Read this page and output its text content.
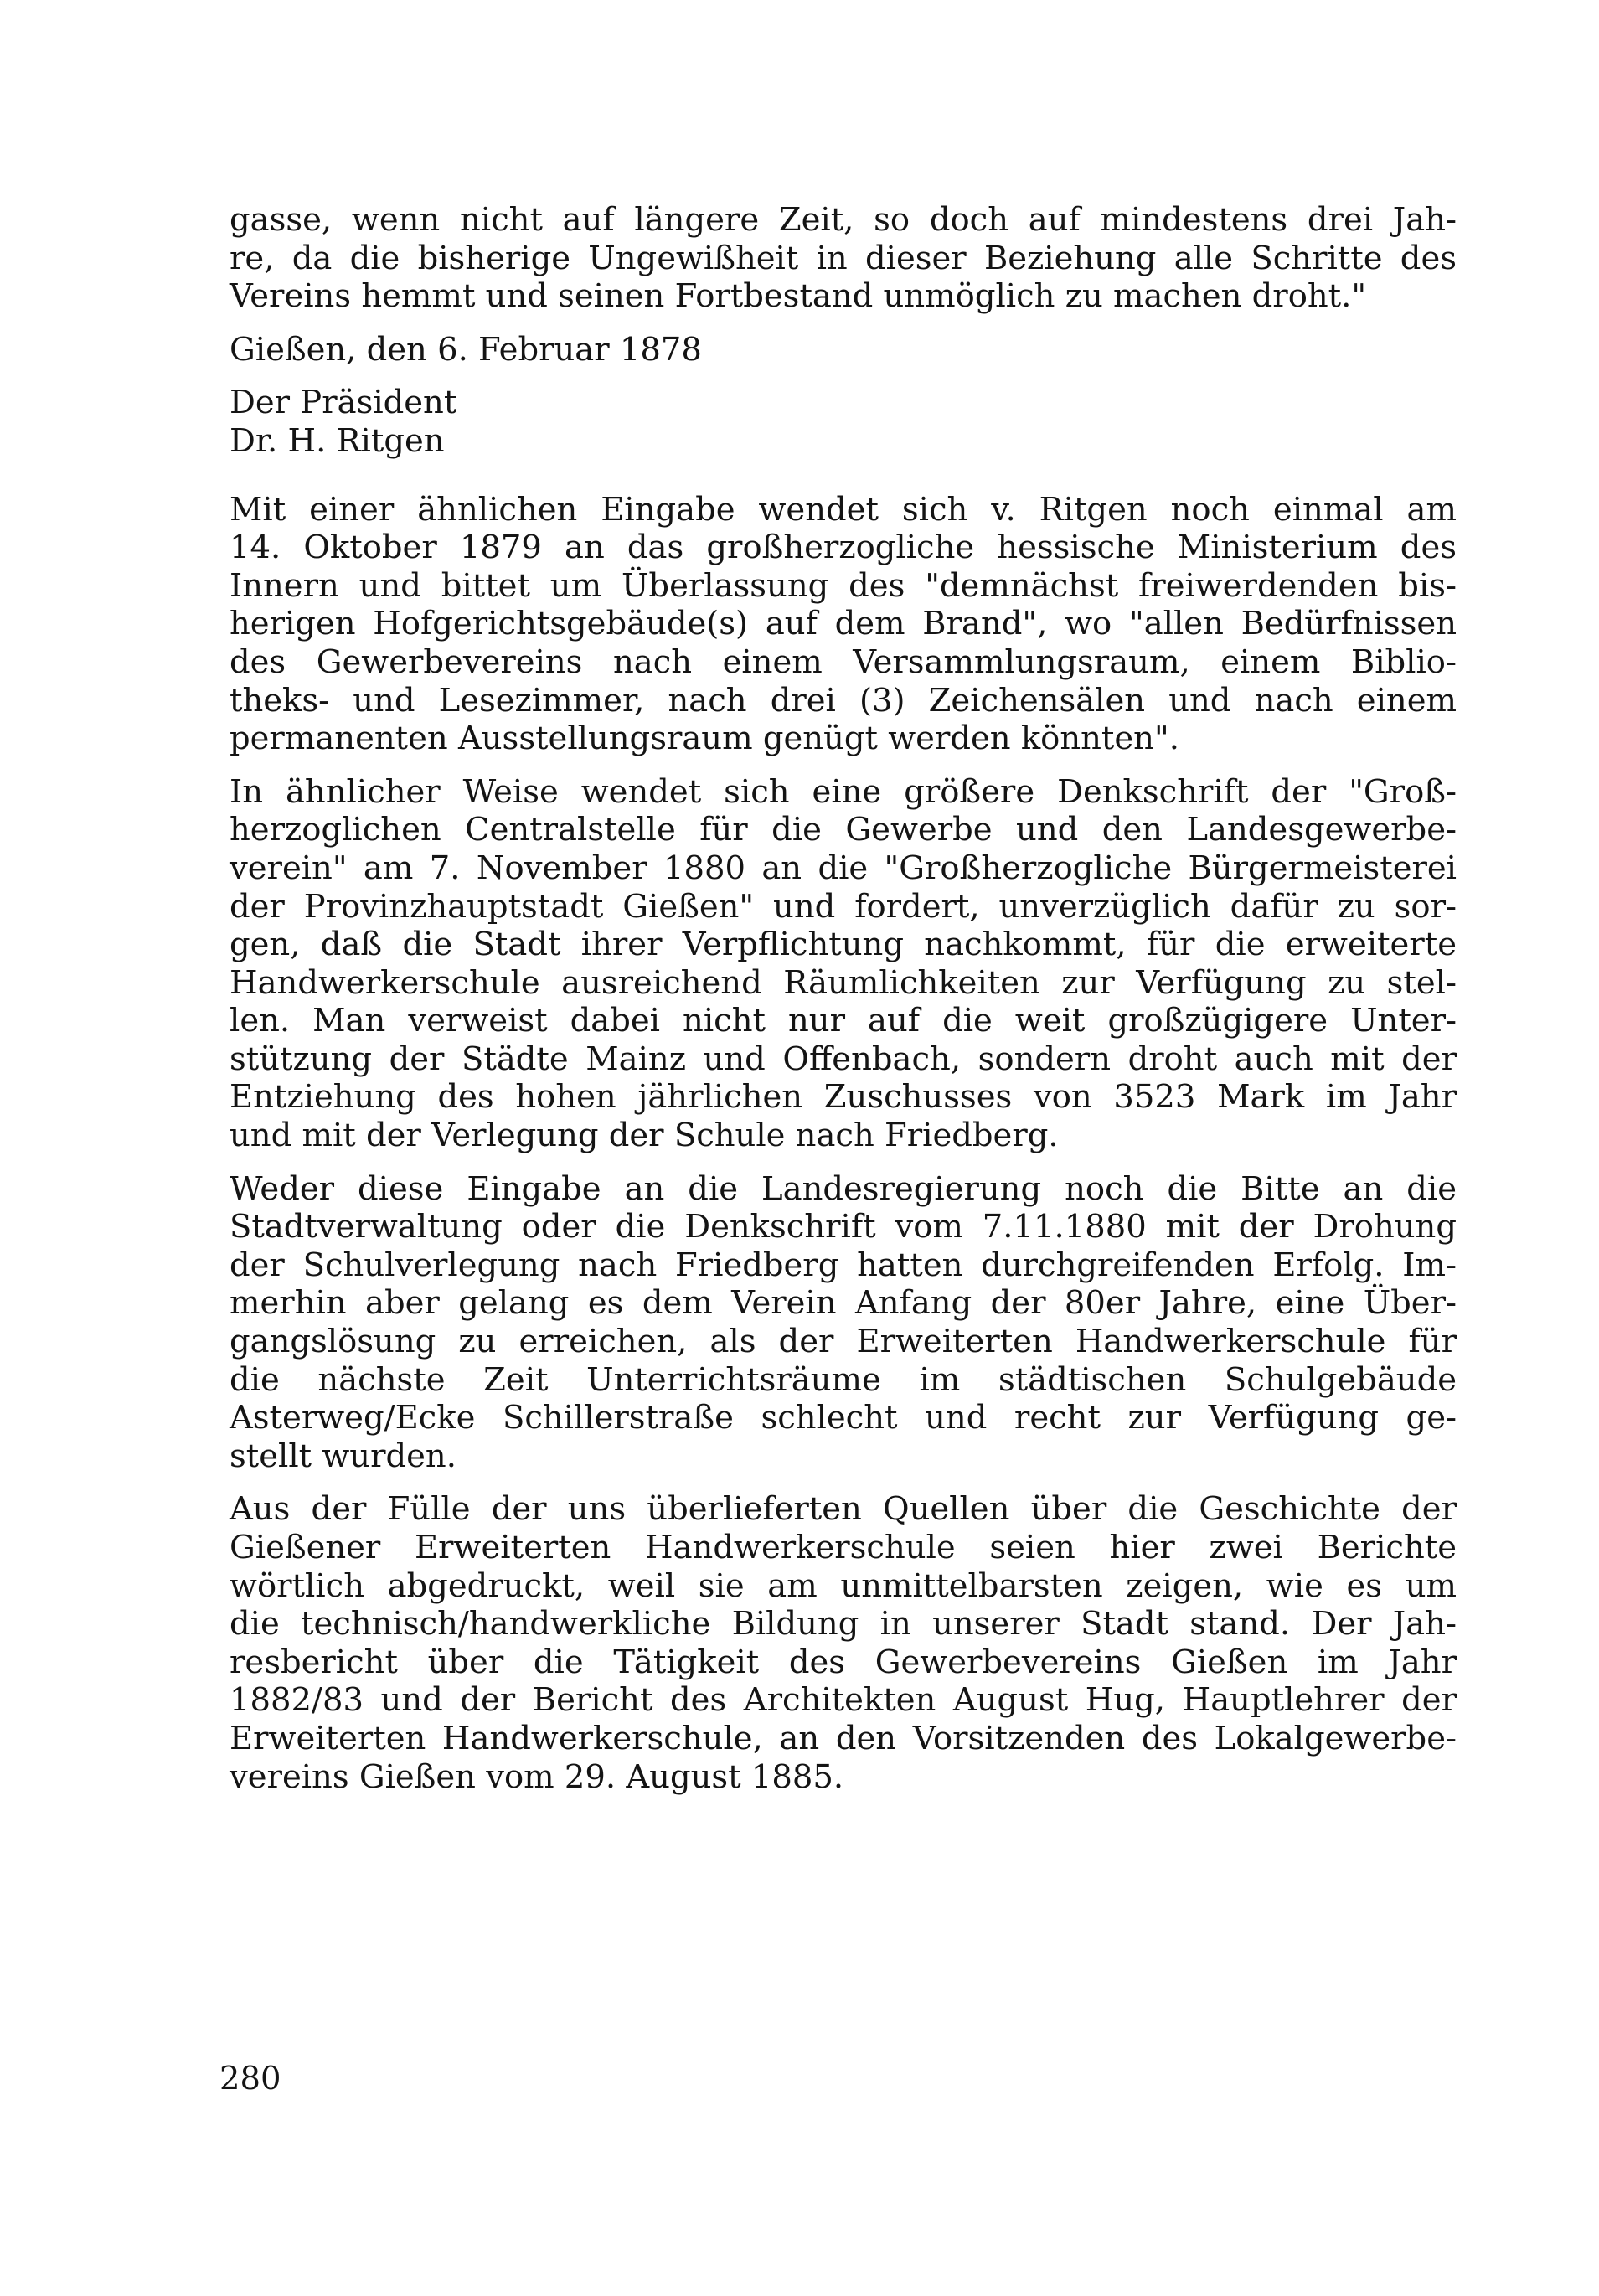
gasse, wenn nicht auf längere Zeit, so doch auf mindestens drei Jah-
re, da die bisherige Ungewißheit in dieser Beziehung alle Schritte des
Vereins hemmt und seinen Fortbestand unmöglich zu machen droht."
Gießen, den 6. Februar 1878
Der Präsident
Dr. H. Ritgen
Mit einer ähnlichen Eingabe wendet sich v. Ritgen noch einmal am
14. Oktober 1879 an das großherzogliche hessische Ministerium des
Innern und bittet um Überlassung des "demnächst freiwerdenden bis-
herigen Hofgerichtsgebäude(s) auf dem Brand", wo "allen Bedürfnissen
des Gewerbevereins nach einem Versammlungsraum, einem Biblio-
theks- und Lesezimmer, nach drei (3) Zeichensälen und nach einem
permanenten Ausstellungsraum genügt werden könnten".
In ähnlicher Weise wendet sich eine größere Denkschrift der "Groß-
herzoglichen Centralstelle für die Gewerbe und den Landesgewerbe-
verein" am 7. November 1880 an die "Großherzogliche Bürgermeisterei
der Provinzhauptstadt Gießen" und fordert, unverzüglich dafür zu sor-
gen, daß die Stadt ihrer Verpflichtung nachkommt, für die erweiterte
Handwerkerschule ausreichend Räumlichkeiten zur Verfügung zu stel-
len. Man verweist dabei nicht nur auf die weit großzügigere Unter-
stützung der Städte Mainz und Offenbach, sondern droht auch mit der
Entziehung des hohen jährlichen Zuschusses von 3523 Mark im Jahr
und mit der Verlegung der Schule nach Friedberg.
Weder diese Eingabe an die Landesregierung noch die Bitte an die
Stadtverwaltung oder die Denkschrift vom 7.11.1880 mit der Drohung
der Schulverlegung nach Friedberg hatten durchgreifenden Erfolg. Im-
merhin aber gelang es dem Verein Anfang der 80er Jahre, eine Über-
gangslösung zu erreichen, als der Erweiterten Handwerkerschule für
die nächste Zeit Unterrichtsräume im städtischen Schulgebäude
Asterweg/Ecke Schillerstraße schlecht und recht zur Verfügung ge-
stellt wurden.
Aus der Fülle der uns überlieferten Quellen über die Geschichte der
Gießener Erweiterten Handwerkerschule seien hier zwei Berichte
wörtlich abgedruckt, weil sie am unmittelbarsten zeigen, wie es um
die technisch/handwerkliche Bildung in unserer Stadt stand. Der Jah-
resbericht über die Tätigkeit des Gewerbevereins Gießen im Jahr
1882/83 und der Bericht des Architekten August Hug, Hauptlehrer der
Erweiterten Handwerkerschule, an den Vorsitzenden des Lokalgewerbe-
vereins Gießen vom 29. August 1885.
280
